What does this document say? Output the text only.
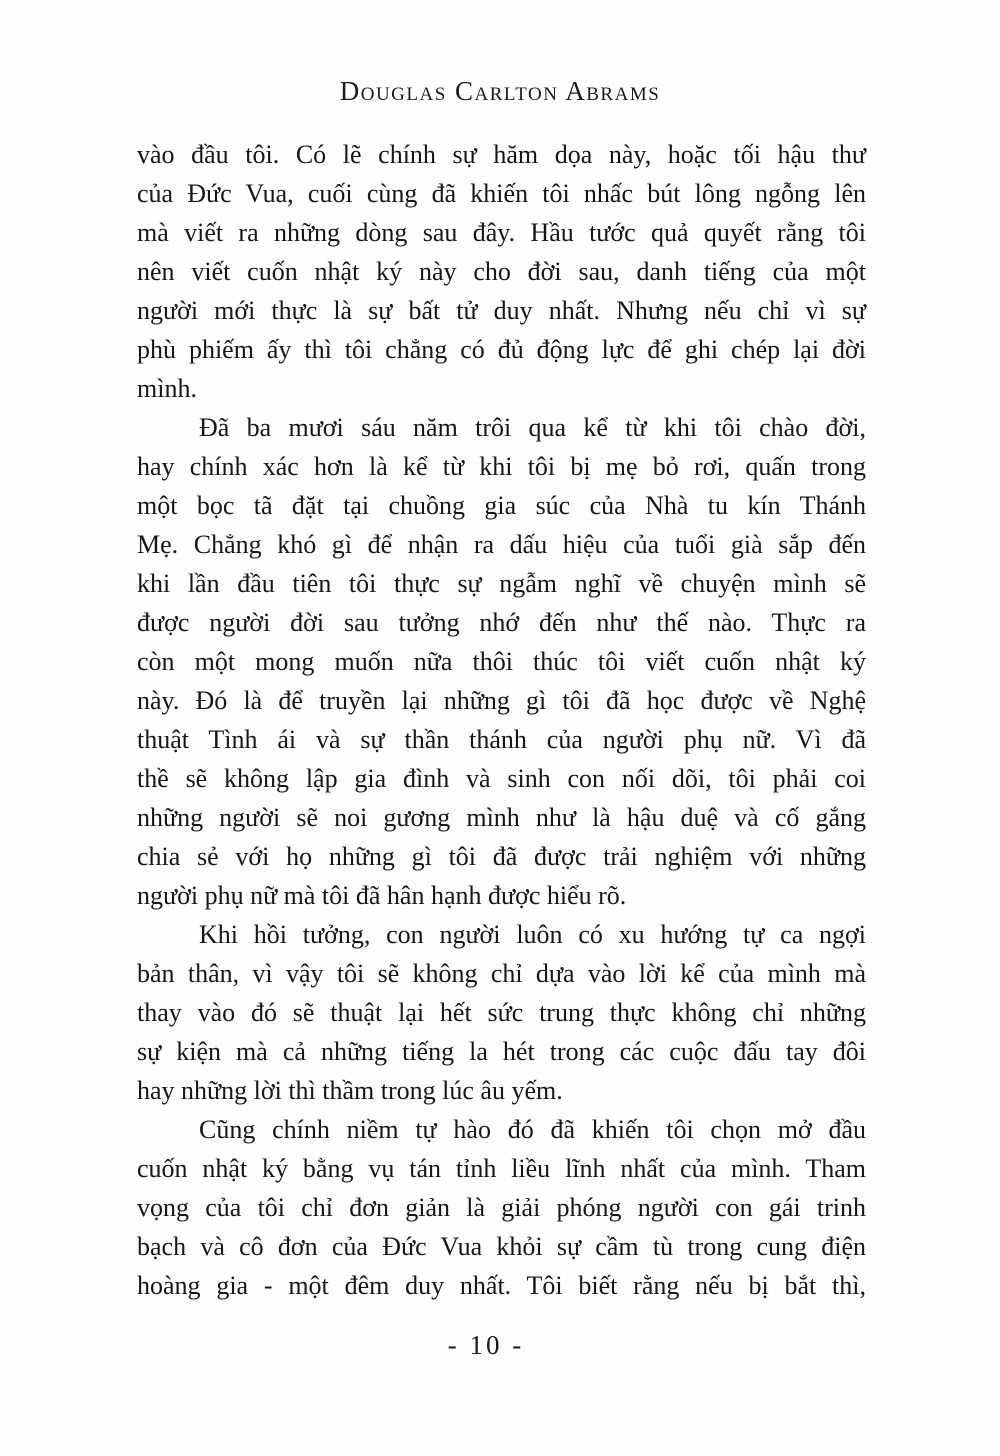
Douglas Carlton Abrams
vào đầu tôi. Có lẽ chính sự hăm dọa này, hoặc tối hậu thư
của Đức Vua, cuối cùng đã khiến tôi nhấc bút lông ngỗng lên
mà viết ra những dòng sau đây. Hầu tước quả quyết rằng tôi
nên viết cuốn nhật ký này cho đời sau, danh tiếng của một
người mới thực là sự bất tử duy nhất. Nhưng nếu chỉ vì sự
phù phiếm ấy thì tôi chẳng có đủ động lực để ghi chép lại đời
mình.
Đã ba mươi sáu năm trôi qua kể từ khi tôi chào đời,
hay chính xác hơn là kể từ khi tôi bị mẹ bỏ rơi, quấn trong
một bọc tã đặt tại chuồng gia súc của Nhà tu kín Thánh
Mẹ. Chẳng khó gì để nhận ra dấu hiệu của tuổi già sắp đến
khi lần đầu tiên tôi thực sự ngẫm nghĩ về chuyện mình sẽ
được người đời sau tưởng nhớ đến như thế nào. Thực ra
còn một mong muốn nữa thôi thúc tôi viết cuốn nhật ký
này. Đó là để truyền lại những gì tôi đã học được về Nghệ
thuật Tình ái và sự thần thánh của người phụ nữ. Vì đã
thề sẽ không lập gia đình và sinh con nối dõi, tôi phải coi
những người sẽ noi gương mình như là hậu duệ và cố gắng
chia sẻ với họ những gì tôi đã được trải nghiệm với những
người phụ nữ mà tôi đã hân hạnh được hiểu rõ.
Khi hồi tưởng, con người luôn có xu hướng tự ca ngợi
bản thân, vì vậy tôi sẽ không chỉ dựa vào lời kể của mình mà
thay vào đó sẽ thuật lại hết sức trung thực không chỉ những
sự kiện mà cả những tiếng la hét trong các cuộc đấu tay đôi
hay những lời thì thầm trong lúc âu yếm.
Cũng chính niềm tự hào đó đã khiến tôi chọn mở đầu
cuốn nhật ký bằng vụ tán tỉnh liều lĩnh nhất của mình. Tham
vọng của tôi chỉ đơn giản là giải phóng người con gái trinh
bạch và cô đơn của Đức Vua khỏi sự cầm tù trong cung điện
hoàng gia - một đêm duy nhất. Tôi biết rằng nếu bị bắt thì,
- 10 -
